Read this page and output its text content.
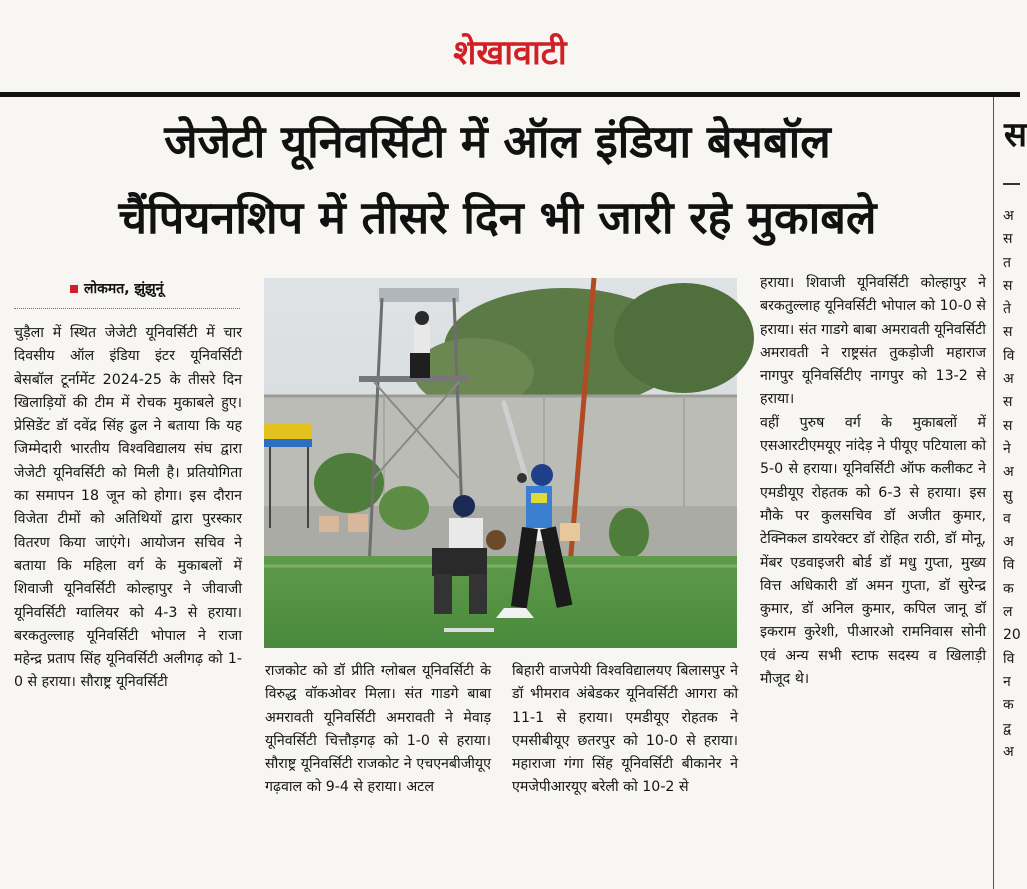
शेखावाटी
जेजेटी यूनिवर्सिटी में ऑल इंडिया बेसबॉल
चैंपियनशिप में तीसरे दिन भी जारी रहे मुकाबले
लोकमत, झुंझुनूं

चुड़ैला में स्थित जेजेटी यूनिवर्सिटी में चार दिवसीय ऑल इंडिया इंटर यूनिवर्सिटी बेसबॉल टूर्नामेंट 2024-25 के तीसरे दिन खिलाड़ियों की टीम में रोचक मुकाबले हुए। प्रेसिडेंट डॉ दवेंद्र सिंह ढुल ने बताया कि यह जिम्मेदारी भारतीय विश्वविद्यालय संघ द्वारा जेजेटी यूनिवर्सिटी को मिली है। प्रतियोगिता का समापन 18 जून को होगा। इस दौरान विजेता टीमों को अतिथियों द्वारा पुरस्कार वितरण किया जाएंगे। आयोजन सचिव ने बताया कि महिला वर्ग के मुकाबलों में शिवाजी यूनिवर्सिटी कोल्हापुर ने जीवाजी यूनिवर्सिटी ग्वालियर को 4-3 से हराया। बरकतुल्लाह यूनिवर्सिटी भोपाल ने राजा महेन्द्र प्रताप सिंह यूनिवर्सिटी अलीगढ़ को 1-0 से हराया। सौराष्ट्र यूनिवर्सिटी

राजकोट को डॉ प्रीति ग्लोबल यूनिवर्सिटी के विरुद्ध वॉकओवर मिला। संत गाडगे बाबा अमरावती यूनिवर्सिटी अमरावती ने मेवाड़ यूनिवर्सिटी चित्तौड़गढ़ को 1-0 से हराया। सौराष्ट्र यूनिवर्सिटी राजकोट ने एचएनबीजीयूए गढ़वाल को 9-4 से हराया। अटल

बिहारी वाजपेयी विश्वविद्यालयए बिलासपुर ने डॉ भीमराव अंबेडकर यूनिवर्सिटी आगरा को 11-1 से हराया। एमडीयूए रोहतक ने एमसीबीयूए छतरपुर को 10-0 से हराया। महाराजा गंगा सिंह यूनिवर्सिटी बीकानेर ने एमजेपीआरयूए बरेली को 10-2 से

हराया। शिवाजी यूनिवर्सिटी कोल्हापुर ने बरकतुल्लाह यूनिवर्सिटी भोपाल को 10-0 से हराया। संत गाडगे बाबा अमरावती यूनिवर्सिटी अमरावती ने राष्ट्रसंत तुकड़ोजी महाराज नागपुर यूनिवर्सिटीए नागपुर को 13-2 से हराया।

वहीं पुरुष वर्ग के मुकाबलों में एसआरटीएमयूए नांदेड़ ने पीयूए पटियाला को 5-0 से हराया। यूनिवर्सिटी ऑफ कलीकट ने एमडीयूए रोहतक को 6-3 से हराया। इस मौके पर कुलसचिव डॉ अजीत कुमार, टेक्निकल डायरेक्टर डॉ रोहित राठी, डॉ मोनू, मेंबर एडवाइजरी बोर्ड डॉ मधु गुप्ता, मुख्य वित्त अधिकारी डॉ अमन गुप्ता, डॉ सुरेन्द्र कुमार, डॉ अनिल कुमार, कपिल जानू डॉ इकराम कुरेशी, पीआरओ रामनिवास सोनी एवं अन्य सभी स्टाफ सदस्य व खिलाड़ी मौजूद थे।

स
अ
स
त
स
ते
स
वि
अ
स
स
ने
अ
सु
व
अ
वि
क
ल
20
वि
न
क
द्व
अ
